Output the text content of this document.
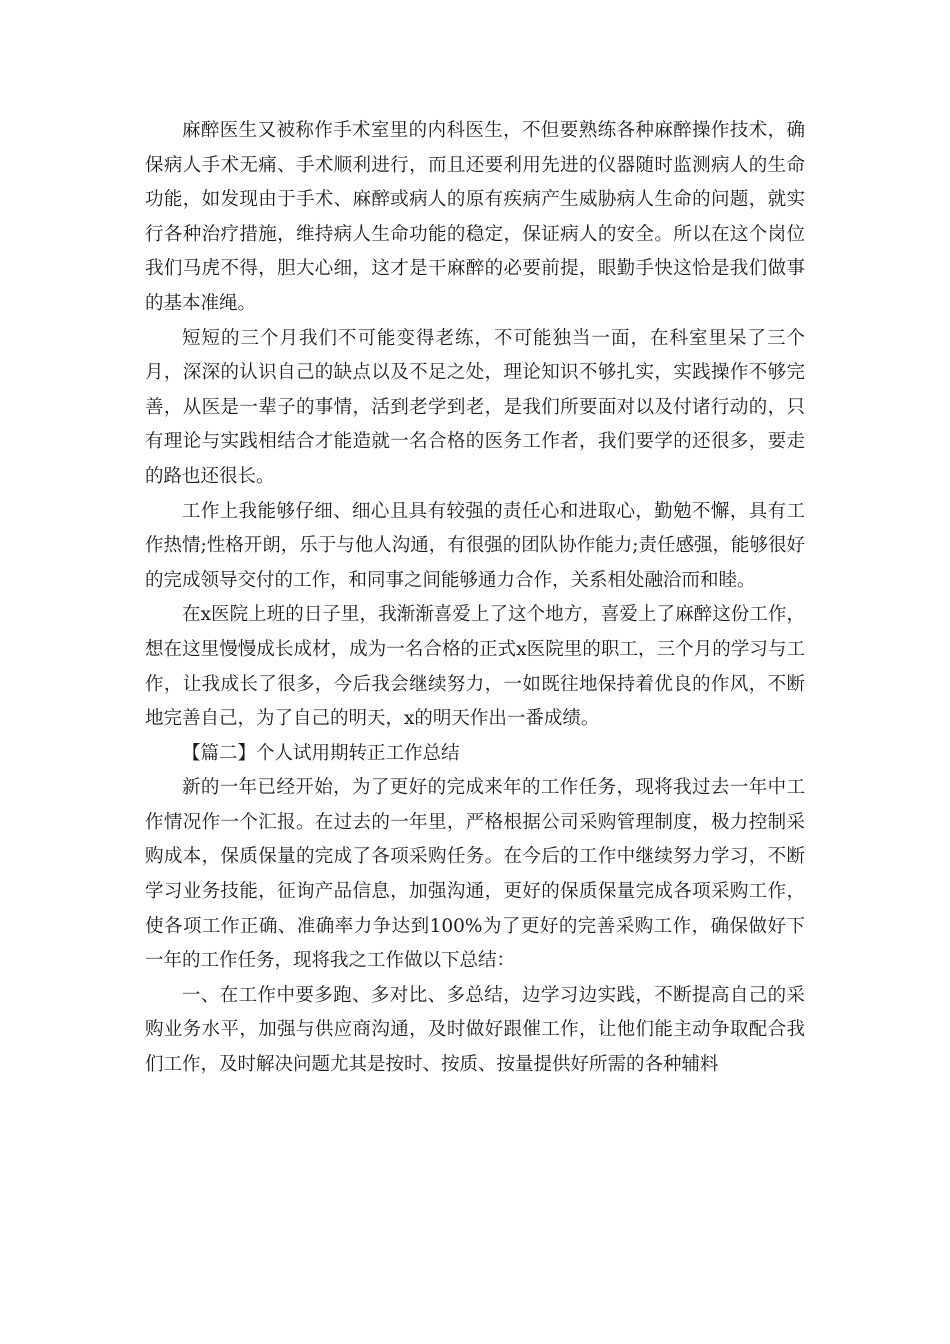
麻醉医生又被称作手术室里的内科医生，不但要熟练各种麻醉操作技术，确保病人手术无痛、手术顺利进行，而且还要利用先进的仪器随时监测病人的生命功能，如发现由于手术、麻醉或病人的原有疾病产生威胁病人生命的问题，就实行各种治疗措施，维持病人生命功能的稳定，保证病人的安全。所以在这个岗位我们马虎不得，胆大心细，这才是干麻醉的必要前提，眼勤手快这恰是我们做事的基本准绳。

短短的三个月我们不可能变得老练，不可能独当一面，在科室里呆了三个月，深深的认识自己的缺点以及不足之处，理论知识不够扎实，实践操作不够完善，从医是一辈子的事情，活到老学到老，是我们所要面对以及付诸行动的，只有理论与实践相结合才能造就一名合格的医务工作者，我们要学的还很多，要走的路也还很长。

工作上我能够仔细、细心且具有较强的责任心和进取心，勤勉不懈，具有工作热情;性格开朗，乐于与他人沟通，有很强的团队协作能力;责任感强，能够很好的完成领导交付的工作，和同事之间能够通力合作，关系相处融洽而和睦。

在x医院上班的日子里，我渐渐喜爱上了这个地方，喜爱上了麻醉这份工作，想在这里慢慢成长成材，成为一名合格的正式x医院里的职工，三个月的学习与工作，让我成长了很多，今后我会继续努力，一如既往地保持着优良的作风，不断地完善自己，为了自己的明天，x的明天作出一番成绩。

【篇二】个人试用期转正工作总结

新的一年已经开始，为了更好的完成来年的工作任务，现将我过去一年中工作情况作一个汇报。在过去的一年里，严格根据公司采购管理制度，极力控制采购成本，保质保量的完成了各项采购任务。在今后的工作中继续努力学习，不断学习业务技能，征询产品信息，加强沟通，更好的保质保量完成各项采购工作，使各项工作正确、准确率力争达到100%为了更好的完善采购工作，确保做好下一年的工作任务，现将我之工作做以下总结：

一、在工作中要多跑、多对比、多总结，边学习边实践，不断提高自己的采购业务水平，加强与供应商沟通，及时做好跟催工作，让他们能主动争取配合我们工作，及时解决问题尤其是按时、按质、按量提供好所需的各种辅料
